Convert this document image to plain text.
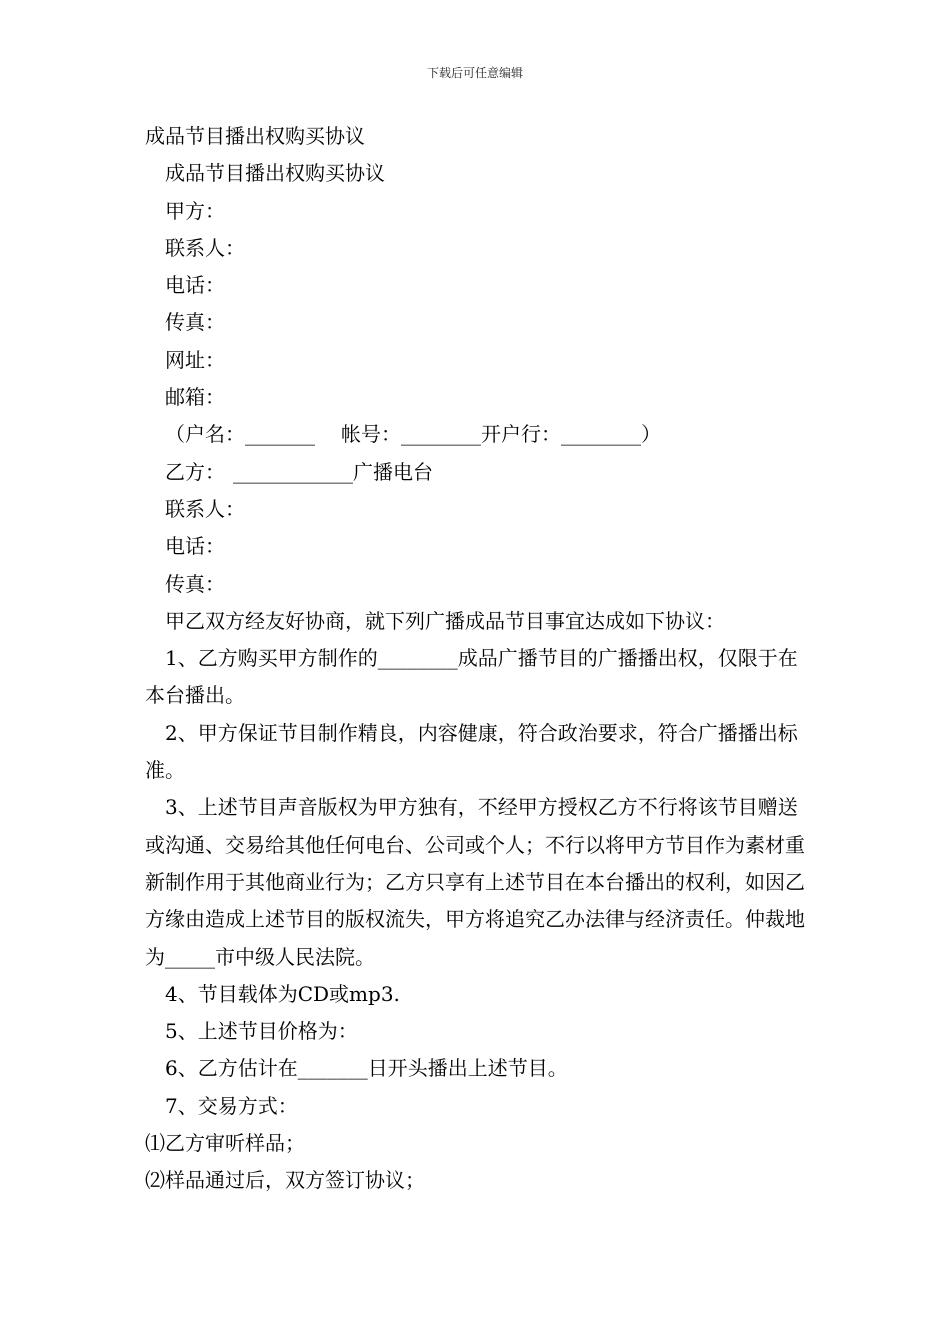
下载后可任意编辑
成品节目播出权购买协议
成品节目播出权购买协议
甲方：
联系人：
电话：
传真：
网址：
邮箱：
（户名：_______ 帐号：________开户行：________）
乙方： ____________广播电台
联系人：
电话：
传真：
甲乙双方经友好协商，就下列广播成品节目事宜达成如下协议：
1、乙方购买甲方制作的________成品广播节目的广播播出权，仅限于在本台播出。
2、甲方保证节目制作精良，内容健康，符合政治要求，符合广播播出标准。
3、上述节目声音版权为甲方独有，不经甲方授权乙方不行将该节目赠送或沟通、交易给其他任何电台、公司或个人；不行以将甲方节目作为素材重新制作用于其他商业行为；乙方只享有上述节目在本台播出的权利，如因乙方缘由造成上述节目的版权流失，甲方将追究乙办法律与经济责任。仲裁地为_____市中级人民法院。
4、节目载体为CD或mp3.
5、上述节目价格为：
6、乙方估计在_______日开头播出上述节目。
7、交易方式：
⑴乙方审听样品；
⑵样品通过后，双方签订协议；
